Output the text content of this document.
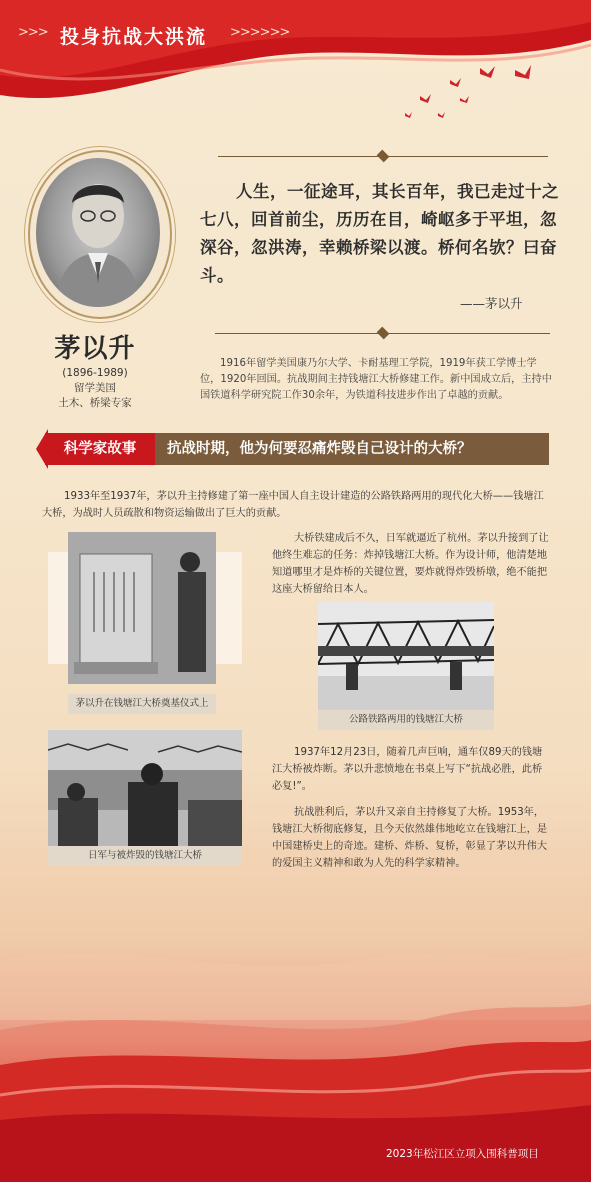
>>> 投身抗战大洪流 >>>>>>
茅以升
(1896-1989)
留学美国
土木、桥梁专家
人生，一征途耳，其长百年，我已走过十之七八，回首前尘，历历在目，崎岖多于平坦，忽深谷，忽洪涛，幸赖桥梁以渡。桥何名欤？曰奋斗。
——茅以升
1916年留学美国康乃尔大学、卡耐基理工学院，1919年获工学博士学位，1920年回国。抗战期间主持钱塘江大桥修建工作。新中国成立后，主持中国铁道科学研究院工作30余年，为铁道科技进步作出了卓越的贡献。
科学家故事	抗战时期，他为何要忍痛炸毁自己设计的大桥？
1933年至1937年，茅以升主持修建了第一座中国人自主设计建造的公路铁路两用的现代化大桥——钱塘江大桥，为战时人员疏散和物资运输做出了巨大的贡献。
茅以升在钱塘江大桥奠基仪式上
大桥铁建成后不久，日军就逼近了杭州。茅以升接到了让他终生难忘的任务：炸掉钱塘江大桥。作为设计师，他清楚地知道哪里才是炸桥的关键位置，要炸就得炸毁桥墩，绝不能把这座大桥留给日本人。
公路铁路两用的钱塘江大桥
日军与被炸毁的钱塘江大桥
1937年12月23日，随着几声巨响，通车仅89天的钱塘江大桥被炸断。茅以升悲愤地在书桌上写下“抗战必胜，此桥必复!”。
抗战胜利后，茅以升又亲自主持修复了大桥。1953年，钱塘江大桥彻底修复，且今天依然雄伟地屹立在钱塘江上，是中国建桥史上的奇迹。建桥、炸桥、复桥，彰显了茅以升伟大的爱国主义精神和敢为人先的科学家精神。
2023年松江区立项入围科普项目
